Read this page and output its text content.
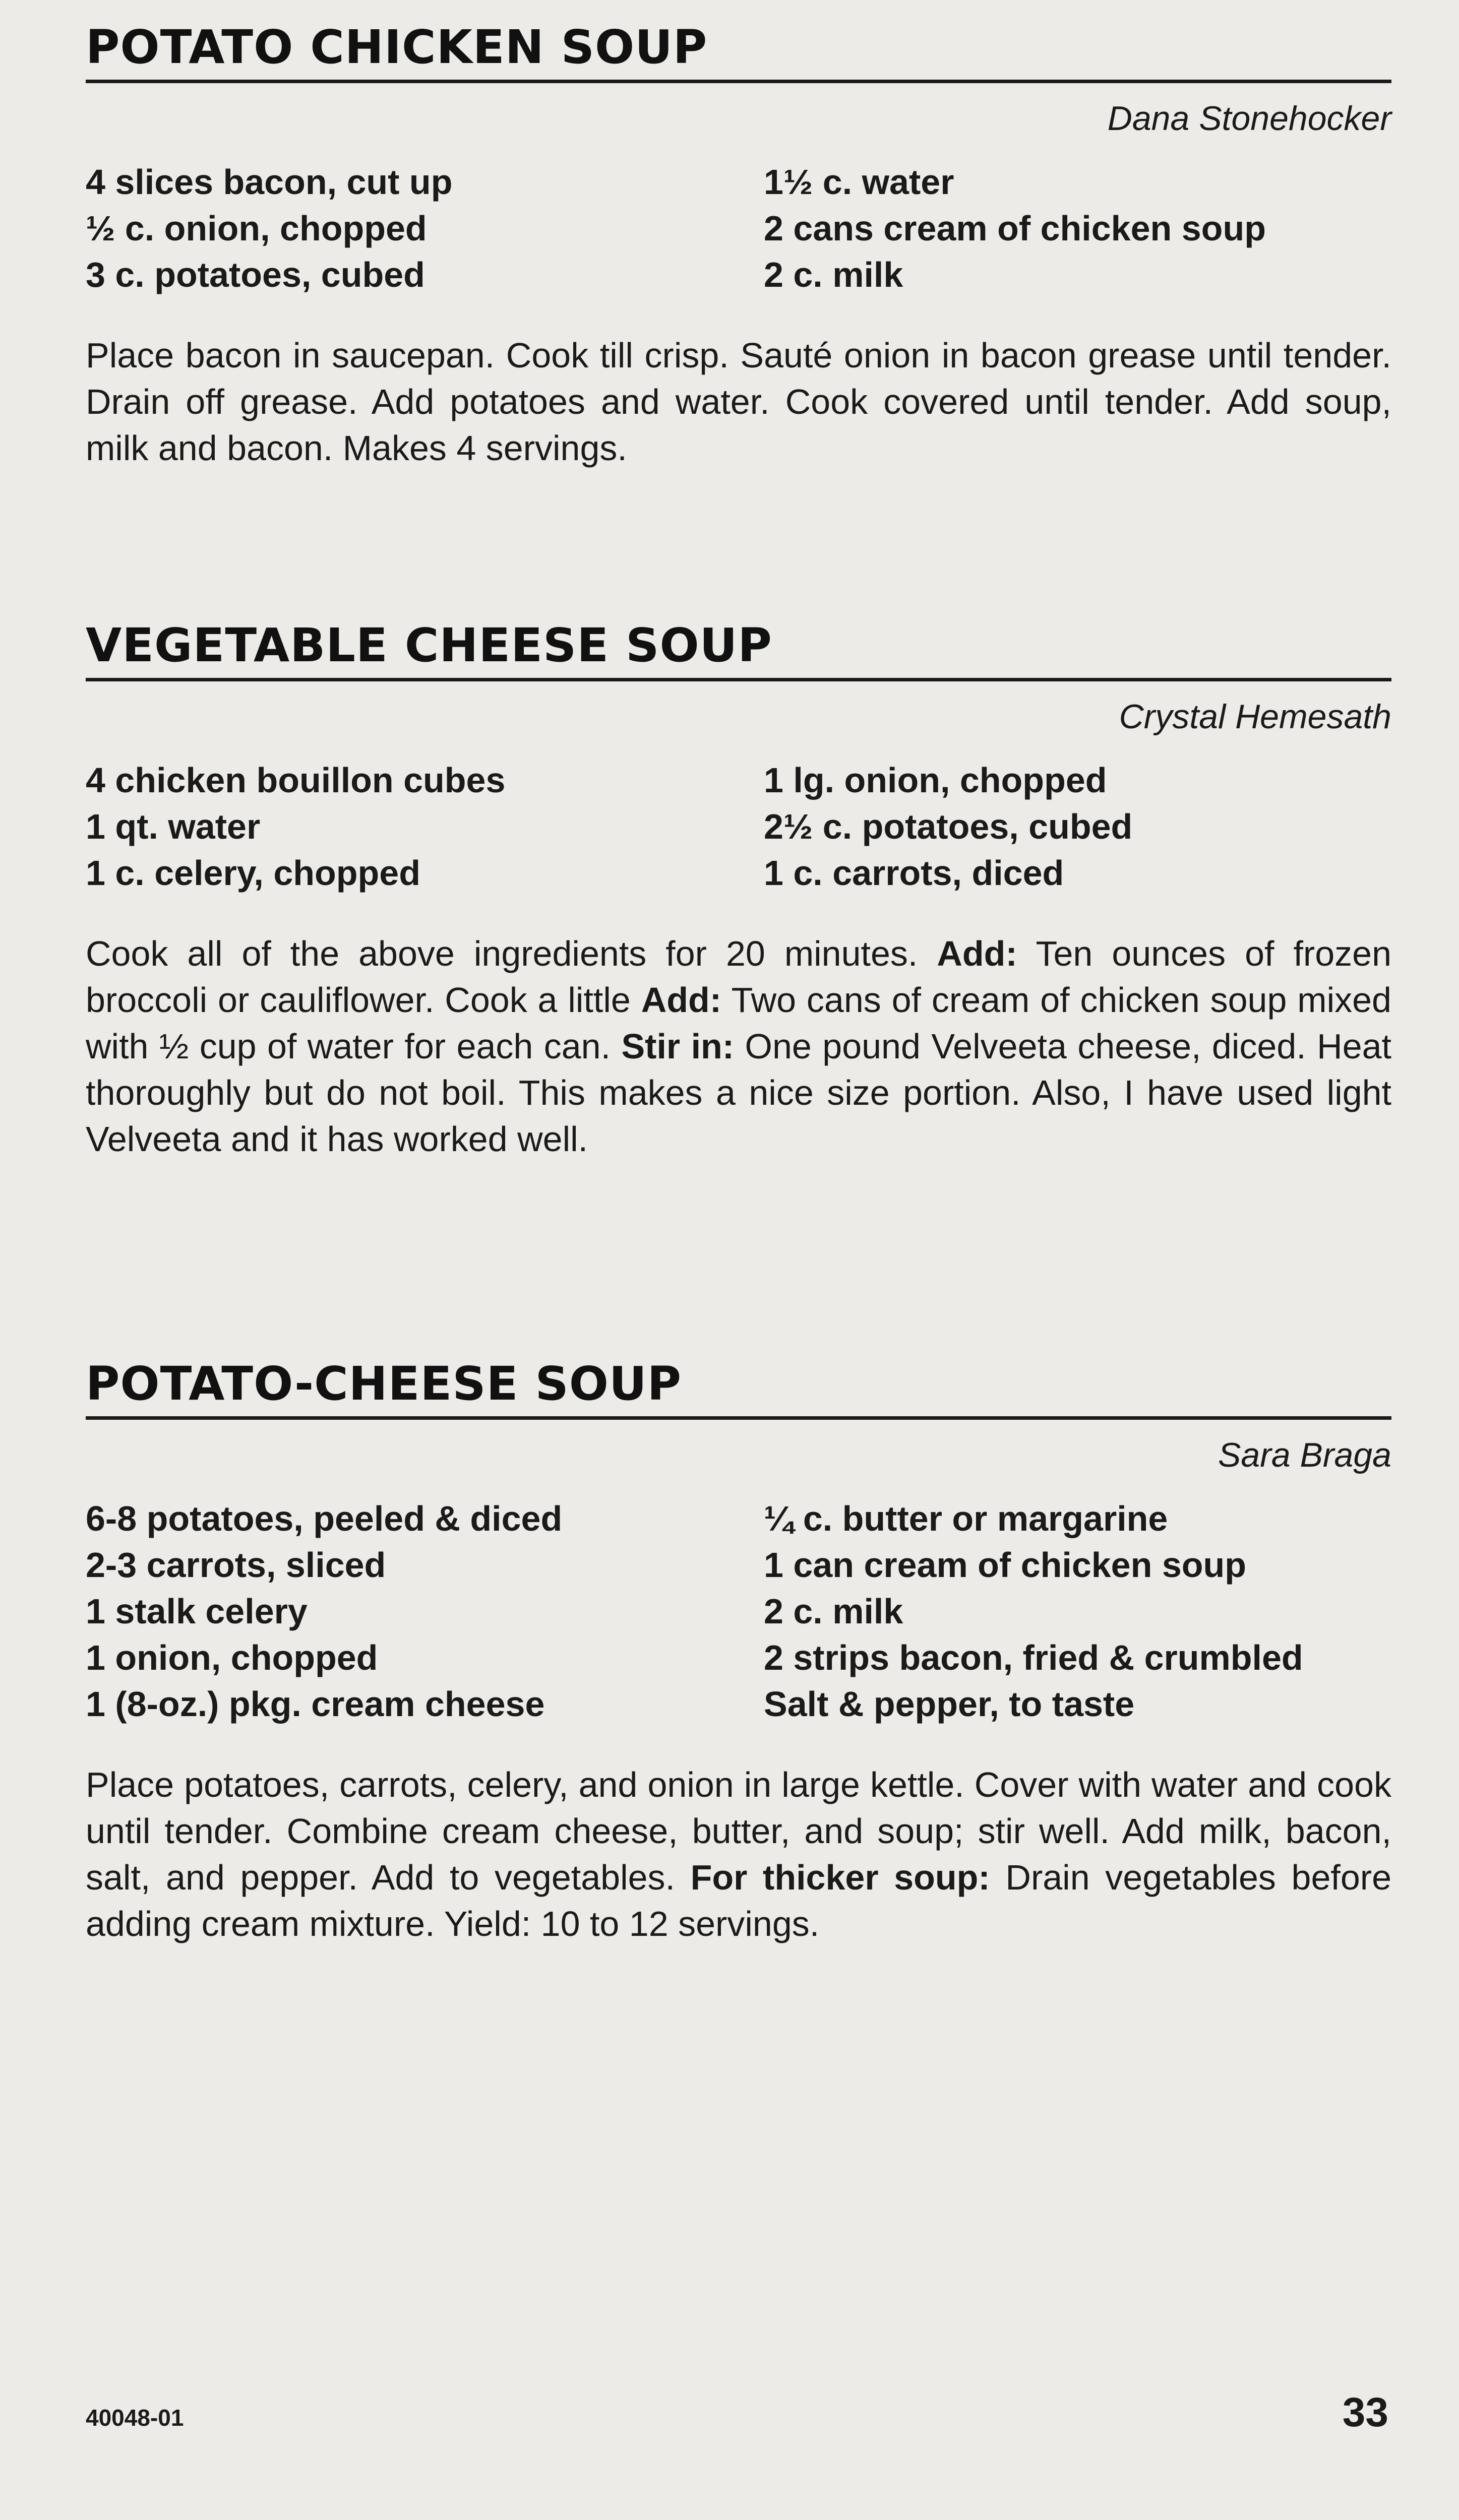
POTATO CHICKEN SOUP
Dana Stonehocker
4 slices bacon, cut up
½ c. onion, chopped
3 c. potatoes, cubed
1½ c. water
2 cans cream of chicken soup
2 c. milk

Place bacon in saucepan. Cook till crisp. Sauté onion in bacon grease until tender. Drain off grease. Add potatoes and water. Cook covered until tender. Add soup, milk and bacon. Makes 4 servings.

VEGETABLE CHEESE SOUP
Crystal Hemesath
4 chicken bouillon cubes
1 qt. water
1 c. celery, chopped
1 lg. onion, chopped
2½ c. potatoes, cubed
1 c. carrots, diced

Cook all of the above ingredients for 20 minutes. Add: Ten ounces of frozen broccoli or cauliflower. Cook a little Add: Two cans of cream of chicken soup mixed with ½ cup of water for each can. Stir in: One pound Velveeta cheese, diced. Heat thoroughly but do not boil. This makes a nice size portion. Also, I have used light Velveeta and it has worked well.

POTATO-CHEESE SOUP
Sara Braga
6-8 potatoes, peeled & diced
2-3 carrots, sliced
1 stalk celery
1 onion, chopped
1 (8-oz.) pkg. cream cheese
¼ c. butter or margarine
1 can cream of chicken soup
2 c. milk
2 strips bacon, fried & crumbled
Salt & pepper, to taste

Place potatoes, carrots, celery, and onion in large kettle. Cover with water and cook until tender. Combine cream cheese, butter, and soup; stir well. Add milk, bacon, salt, and pepper. Add to vegetables. For thicker soup: Drain vegetables before adding cream mixture. Yield: 10 to 12 servings.

40048-01	33
